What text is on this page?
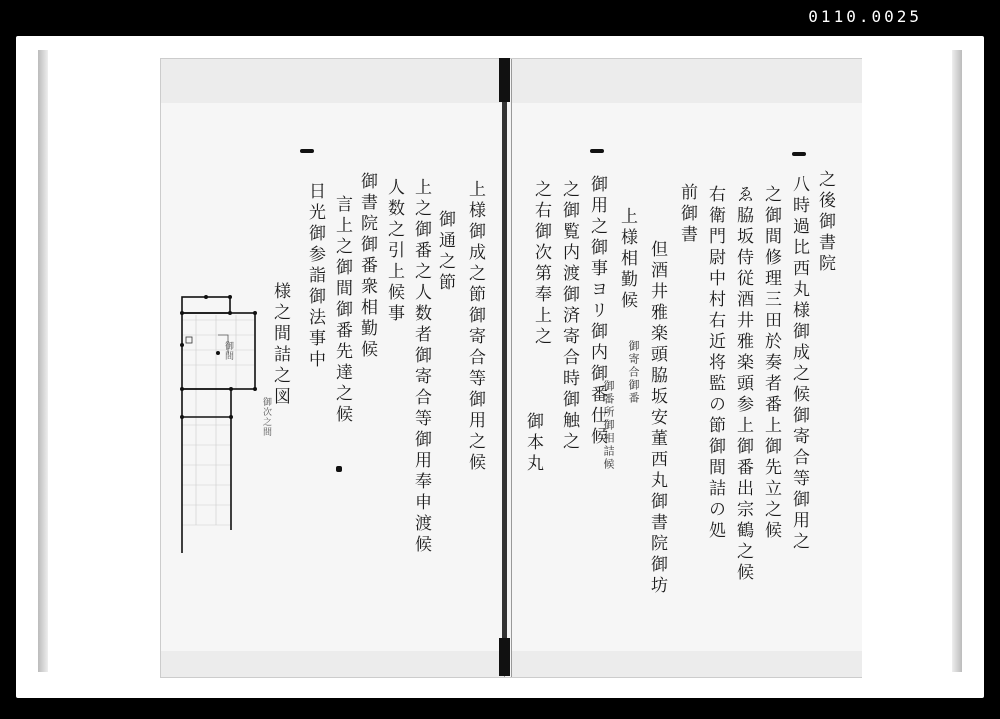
0110.0025
之後御書院
八時過比西丸様御成之候御寄合等御用之
之御間修理三田於奏者番上御先立之候
ゑ脇坂侍従酒井雅楽頭参上御番出宗鶴之候
右衛門尉中村右近将監の節御間詰の処
前御書
但酒井雅楽頭脇坂安董西丸御書院御坊
上様相勤候
御番所御相詰候
御寄合御番
御用之御事ヨリ御内御番仕候
之御覧内渡御済寄合時御触之
之右御次第奉上之
御本丸
上様御成之節御寄合等御用之候
御通之節
上之御番之人数者御寄合等御用奉申渡候
人数之引上候事
御書院御番衆相勤候
言上之御間御番先達之候
日光御参詣御法事中
様之間詰之図
御間
御次之間
